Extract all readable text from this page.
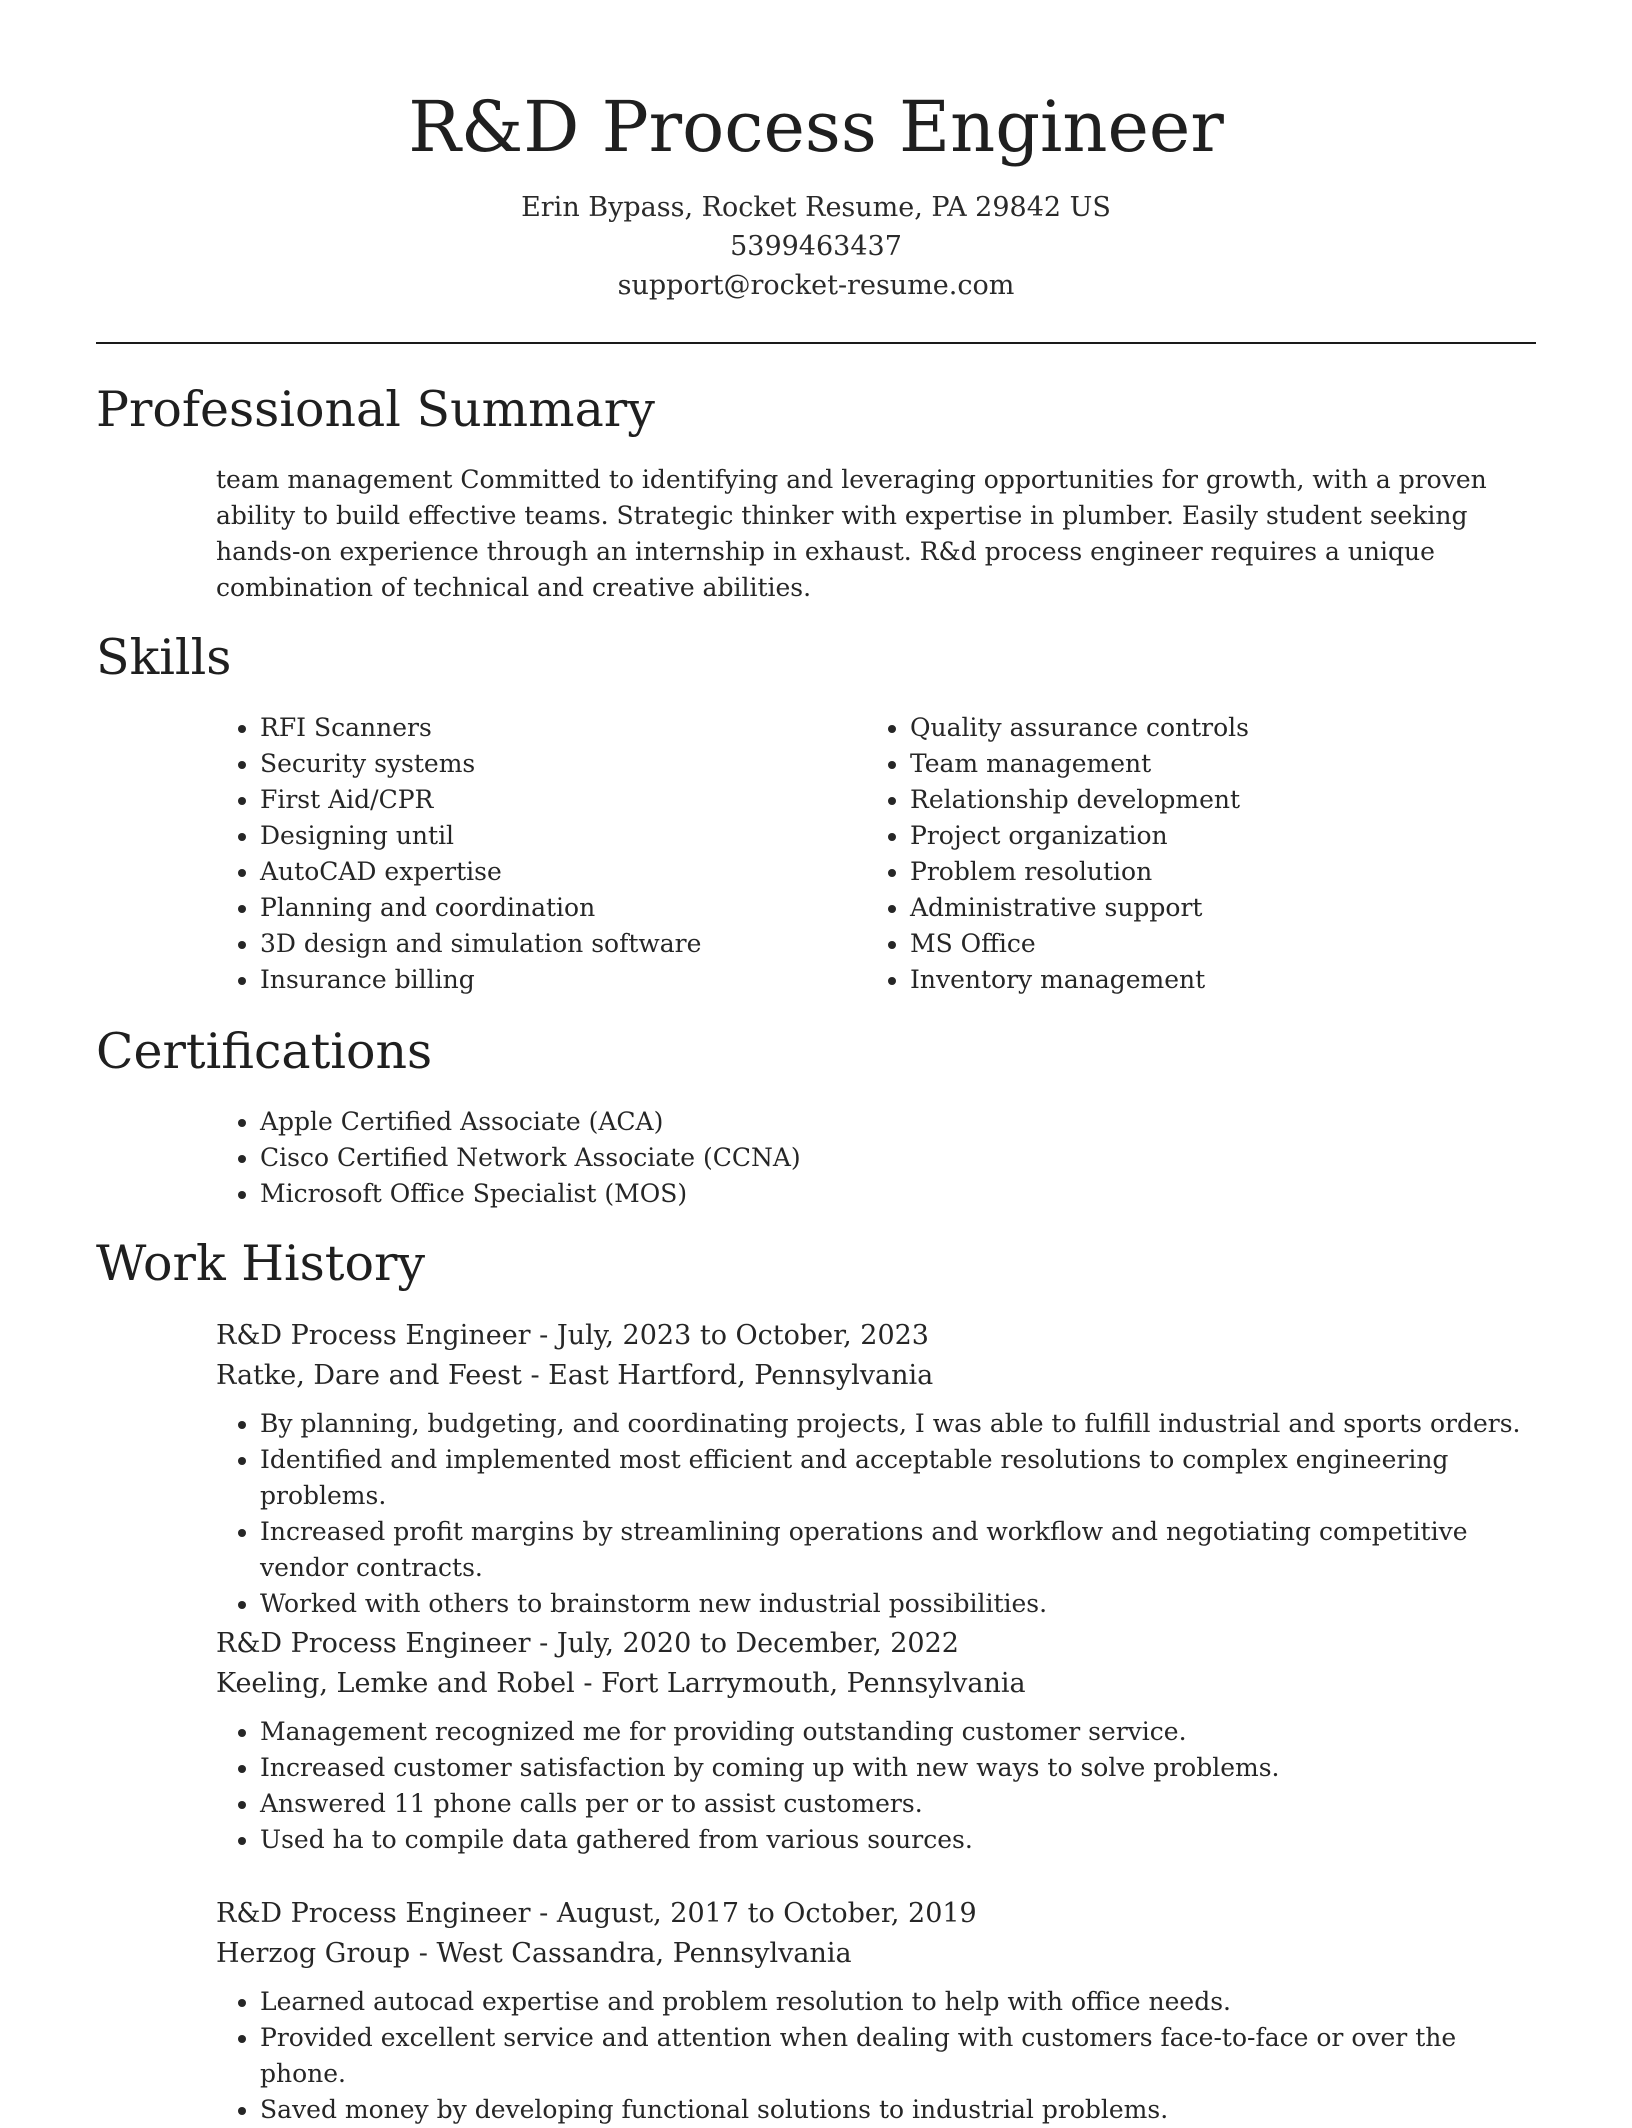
R&D Process Engineer
Erin Bypass, Rocket Resume, PA 29842 US
5399463437
support@rocket-resume.com
Professional Summary

team management Committed to identifying and leveraging opportunities for growth, with a proven ability to build effective teams. Strategic thinker with expertise in plumber. Easily student seeking hands-on experience through an internship in exhaust. R&d process engineer requires a unique combination of technical and creative abilities.

Skills
• RFI Scanners
• Security systems
• First Aid/CPR
• Designing until
• AutoCAD expertise
• Planning and coordination
• 3D design and simulation software
• Insurance billing
• Quality assurance controls
• Team management
• Relationship development
• Project organization
• Problem resolution
• Administrative support
• MS Office
• Inventory management
Certifications
• Apple Certified Associate (ACA)
• Cisco Certified Network Associate (CCNA)
• Microsoft Office Specialist (MOS)
Work History
R&D Process Engineer - July, 2023 to October, 2023
Ratke, Dare and Feest - East Hartford, Pennsylvania
• By planning, budgeting, and coordinating projects, I was able to fulfill industrial and sports orders.
• Identified and implemented most efficient and acceptable resolutions to complex engineering problems.
• Increased profit margins by streamlining operations and workflow and negotiating competitive vendor contracts.
• Worked with others to brainstorm new industrial possibilities.
R&D Process Engineer - July, 2020 to December, 2022
Keeling, Lemke and Robel - Fort Larrymouth, Pennsylvania
• Management recognized me for providing outstanding customer service.
• Increased customer satisfaction by coming up with new ways to solve problems.
• Answered 11 phone calls per or to assist customers.
• Used ha to compile data gathered from various sources.
R&D Process Engineer - August, 2017 to October, 2019
Herzog Group - West Cassandra, Pennsylvania
• Learned autocad expertise and problem resolution to help with office needs.
• Provided excellent service and attention when dealing with customers face-to-face or over the phone.
• Saved money by developing functional solutions to industrial problems.
